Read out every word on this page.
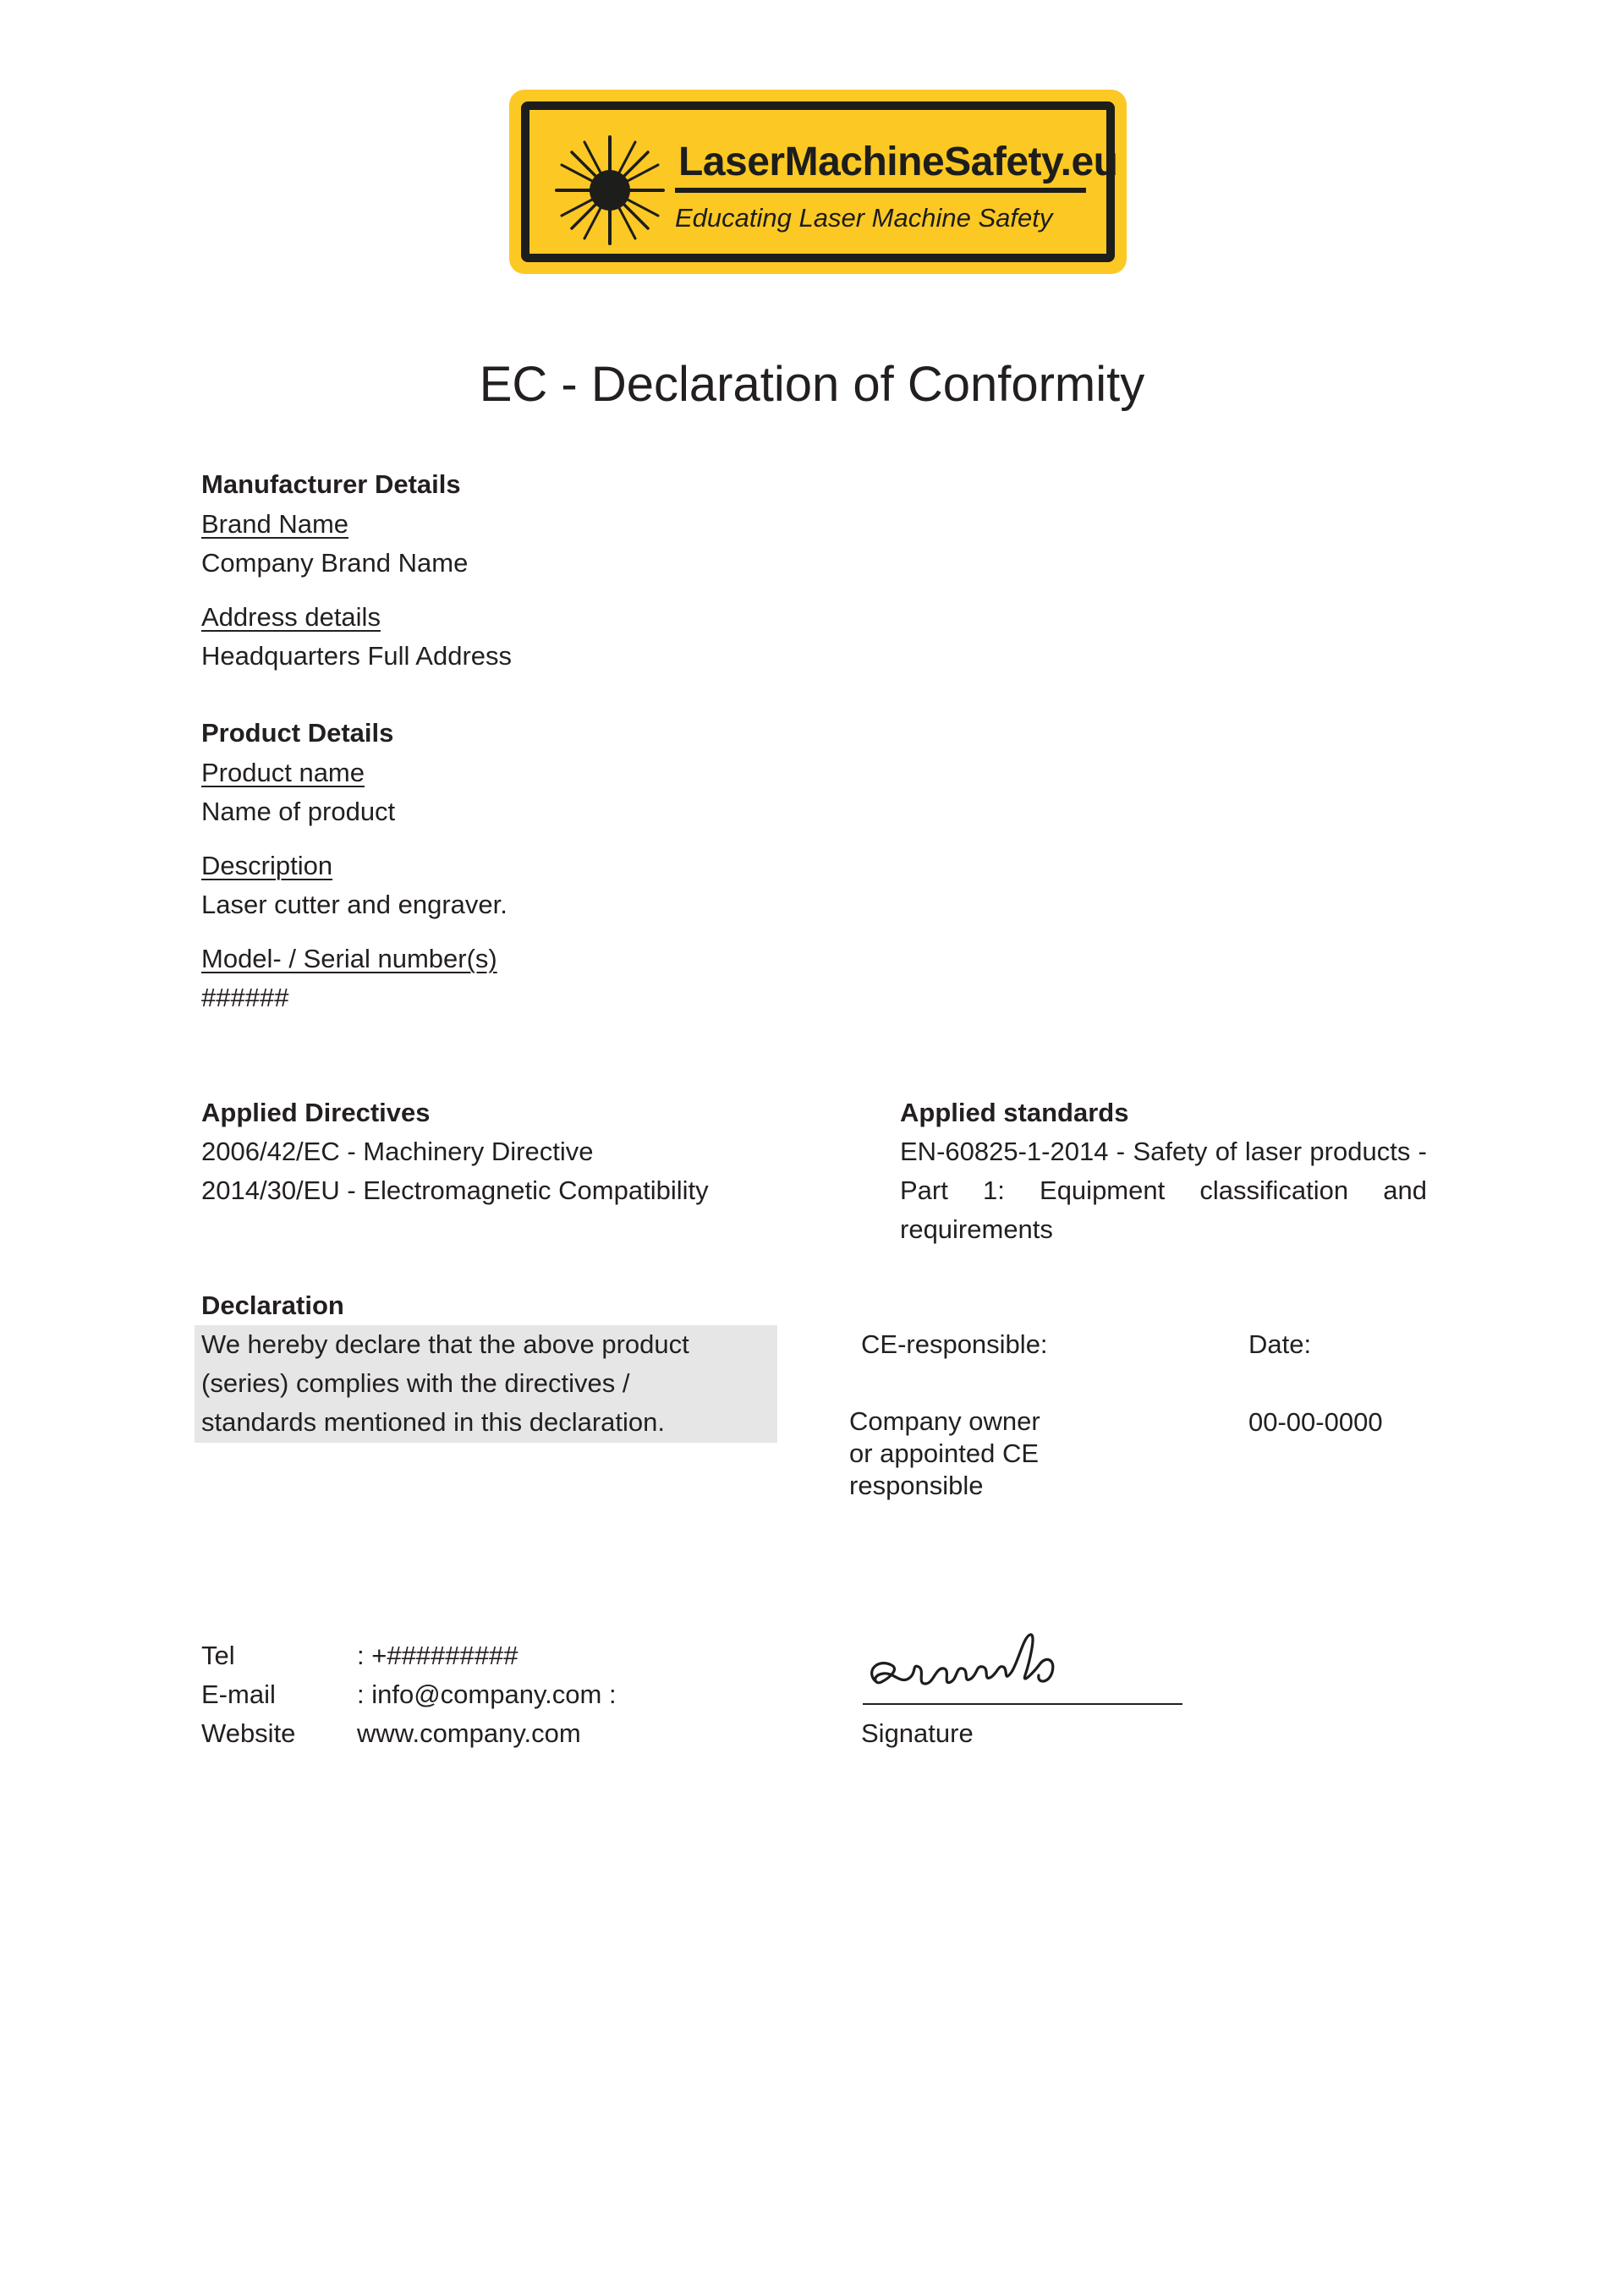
LaserMachineSafety.eu
Educating Laser Machine Safety
EC - Declaration of Conformity
Manufacturer Details
Brand Name
Company Brand Name
Address details
Headquarters Full Address
Product Details
Product name
Name of product
Description
Laser cutter and engraver.
Model- / Serial number(s)
######
Applied Directives
2006/42/EC - Machinery Directive
2014/30/EU - Electromagnetic Compatibility
Applied standards
EN-60825-1-2014 - Safety of laser products - Part 1: Equipment classification and requirements
Declaration
We hereby declare that the above product
(series) complies with the directives /
standards mentioned in this declaration.
CE-responsible:
Company owner
or appointed CE
responsible
Date:
00-00-0000
Tel	: +#########
E-mail	: info@company.com :
Website www.company.com	Signature
